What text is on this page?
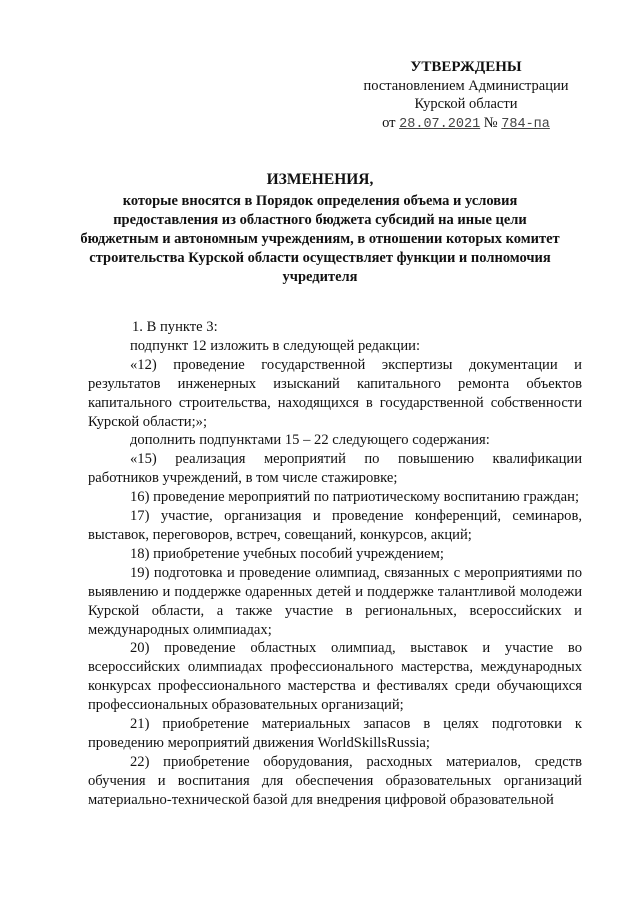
УТВЕРЖДЕНЫ
постановлением Администрации
Курской области
от 28.07.2021 № 784-па
ИЗМЕНЕНИЯ,
которые вносятся в Порядок определения объема и условия предоставления из областного бюджета субсидий на иные цели бюджетным и автономным учреждениям, в отношении которых комитет строительства Курской области осуществляет функции и полномочия учредителя

1. В пункте 3:

подпункт 12 изложить в следующей редакции:

«12) проведение государственной экспертизы документации и результатов инженерных изысканий капитального ремонта объектов капитального строительства, находящихся в государственной собственности Курской области;»;

дополнить подпунктами 15 – 22 следующего содержания:

«15) реализация мероприятий по повышению квалификации работников учреждений, в том числе стажировке;

16) проведение мероприятий по патриотическому воспитанию граждан;

17) участие, организация и проведение конференций, семинаров, выставок, переговоров, встреч, совещаний, конкурсов, акций;

18) приобретение учебных пособий учреждением;

19) подготовка и проведение олимпиад, связанных с мероприятиями по выявлению и поддержке одаренных детей и поддержке талантливой молодежи Курской области, а также участие в региональных, всероссийских и международных олимпиадах;

20) проведение областных олимпиад, выставок и участие во всероссийских олимпиадах профессионального мастерства, международных конкурсах профессионального мастерства и фестивалях среди обучающихся профессиональных образовательных организаций;

21) приобретение материальных запасов в целях подготовки к проведению мероприятий движения WorldSkillsRussia;

22) приобретение оборудования, расходных материалов, средств обучения и воспитания для обеспечения образовательных организаций материально-технической базой для внедрения цифровой образовательной
